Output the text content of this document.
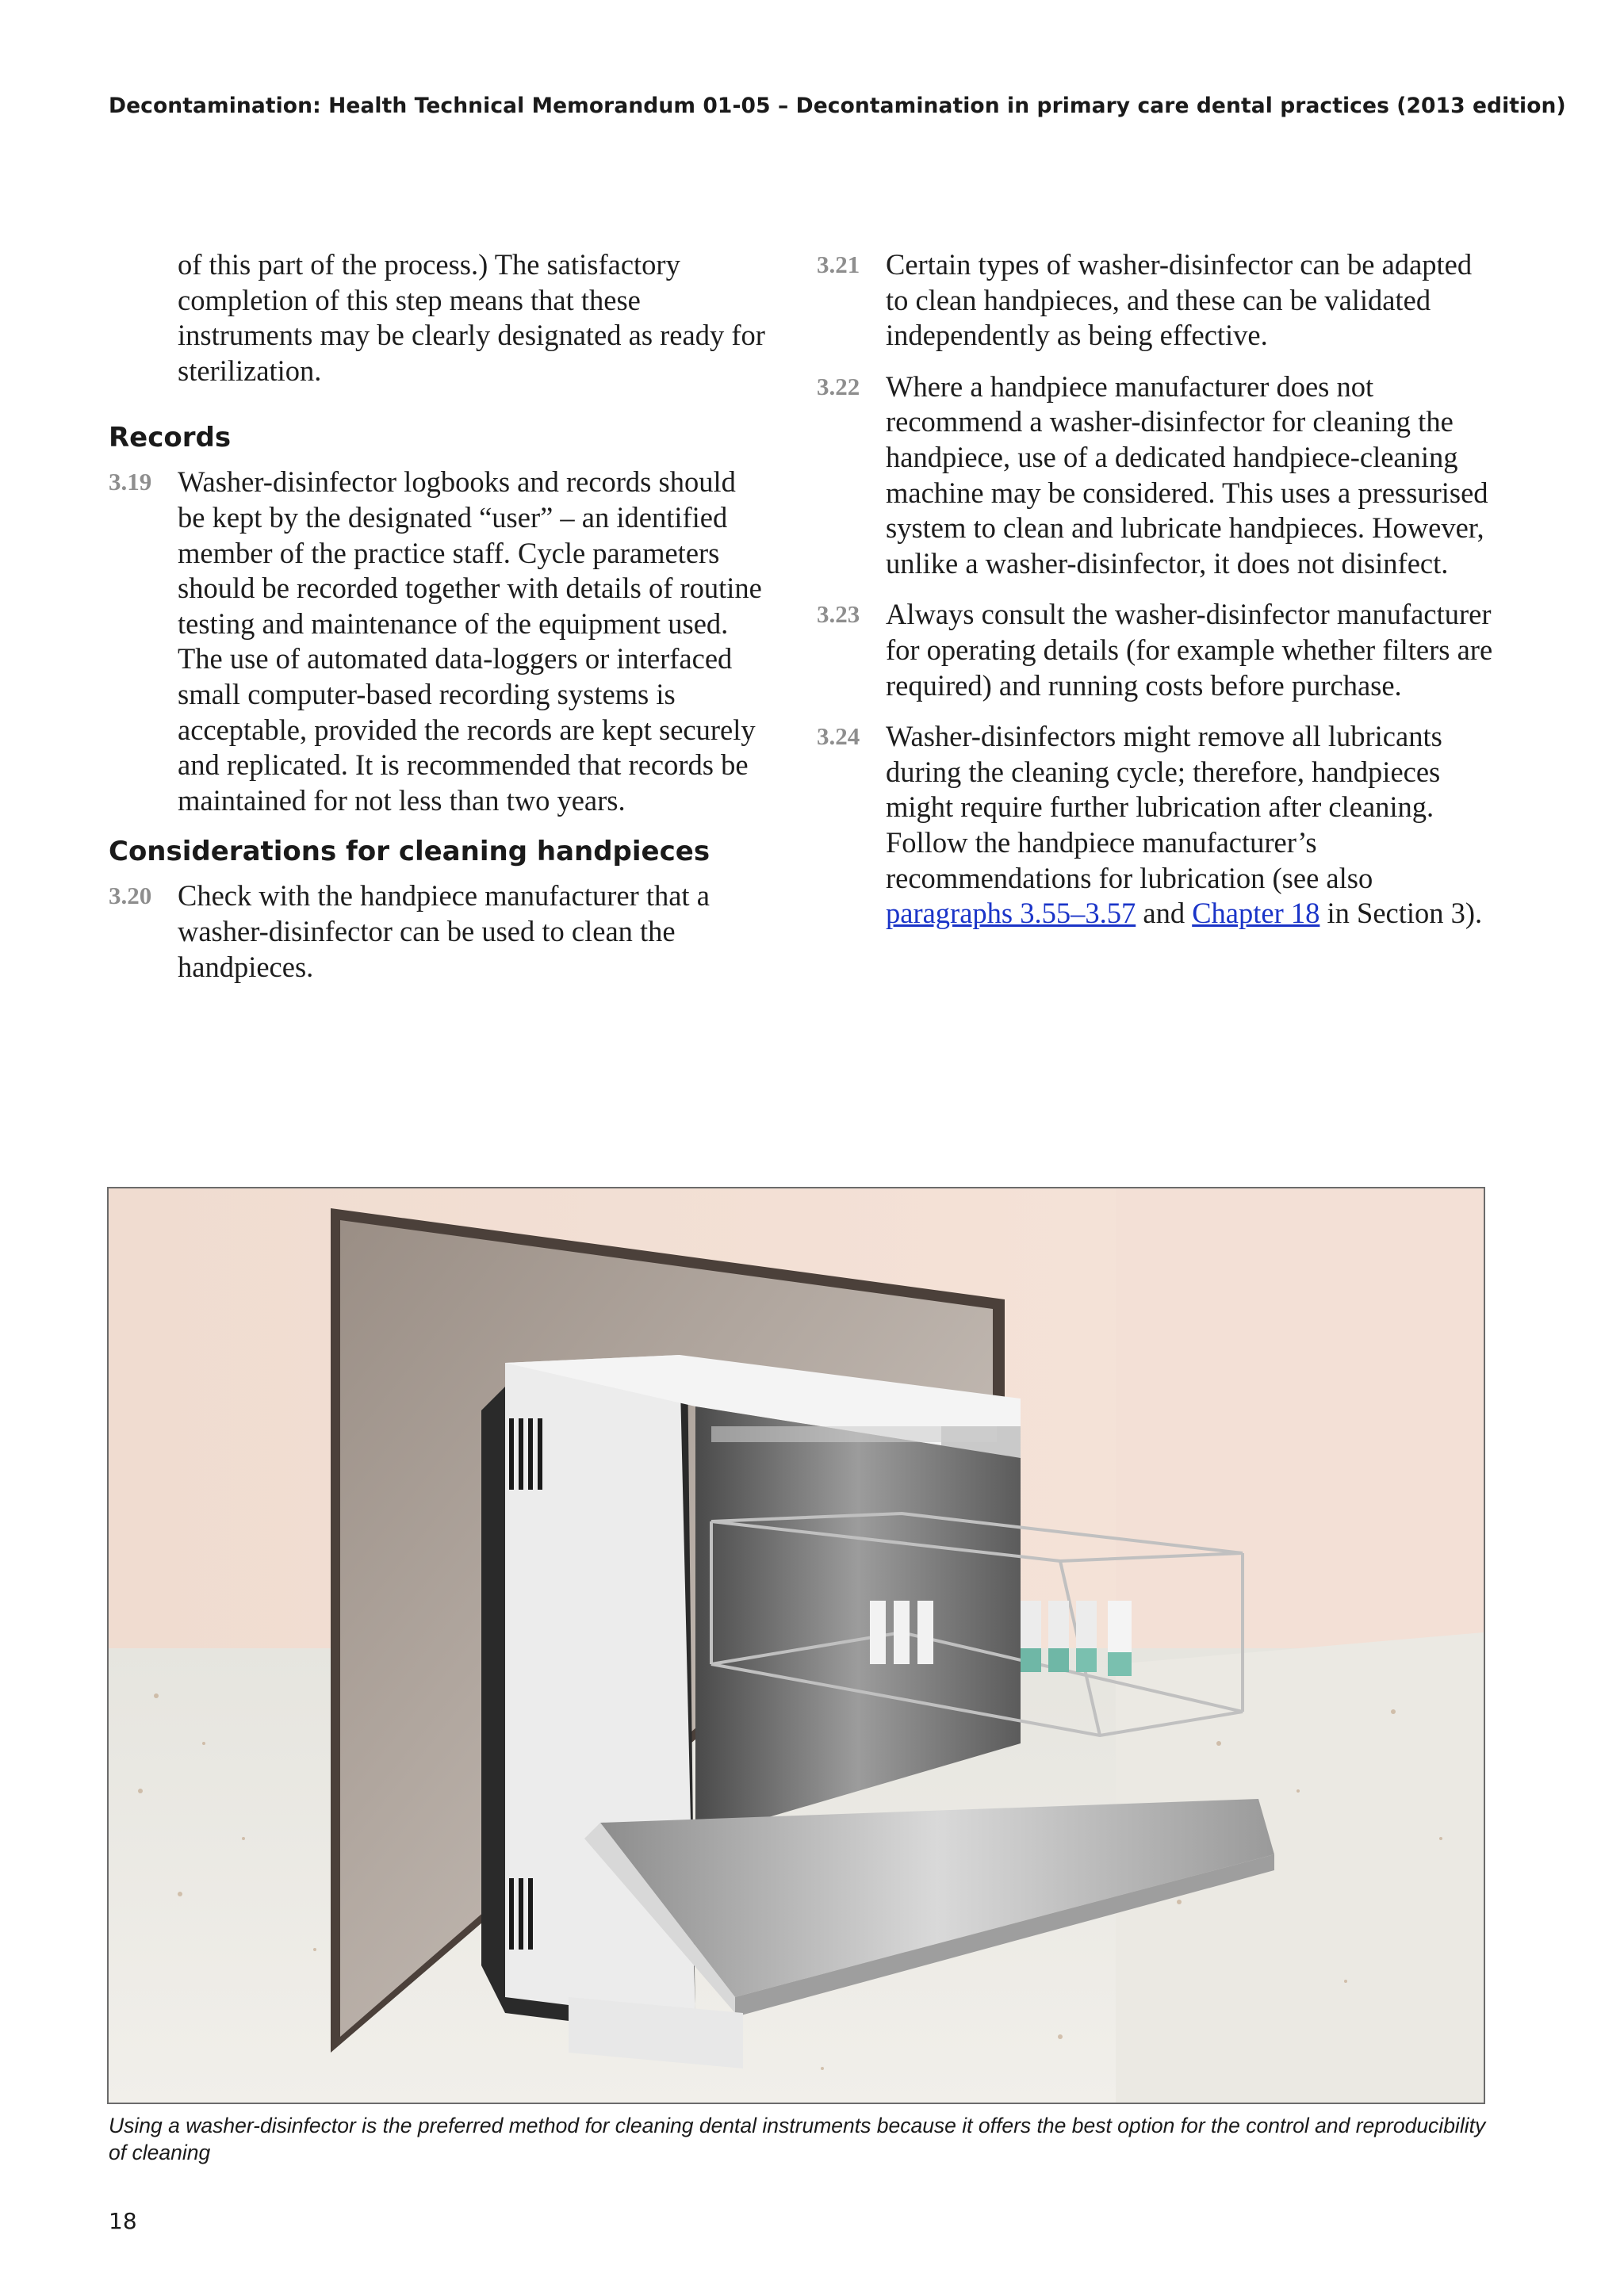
Decontamination: Health Technical Memorandum 01-05 – Decontamination in primary care dental practices (2013 edition)

of this part of the process.) The satisfactory completion of this step means that these instruments may be clearly designated as ready for sterilization.

Records
3.19 Washer-disinfector logbooks and records should be kept by the designated “user” – an identified member of the practice staff. Cycle parameters should be recorded together with details of routine testing and maintenance of the equipment used. The use of automated data-loggers or interfaced small computer-based recording systems is acceptable, provided the records are kept securely and replicated. It is recommended that records be maintained for not less than two years.
Considerations for cleaning handpieces
3.20 Check with the handpiece manufacturer that a washer-disinfector can be used to clean the handpieces.
3.21 Certain types of washer-disinfector can be adapted to clean handpieces, and these can be validated independently as being effective.
3.22 Where a handpiece manufacturer does not recommend a washer-disinfector for cleaning the handpiece, use of a dedicated handpiece-cleaning machine may be considered. This uses a pressurised system to clean and lubricate handpieces. However, unlike a washer-disinfector, it does not disinfect.
3.23 Always consult the washer-disinfector manufacturer for operating details (for example whether filters are required) and running costs before purchase.
3.24 Washer-disinfectors might remove all lubricants during the cleaning cycle; therefore, handpieces might require further lubrication after cleaning. Follow the handpiece manufacturer’s recommendations for lubrication (see also paragraphs 3.55–3.57 and Chapter 18 in Section 3).
Using a washer-disinfector is the preferred method for cleaning dental instruments because it offers the best option for the control and reproducibility of cleaning
18
